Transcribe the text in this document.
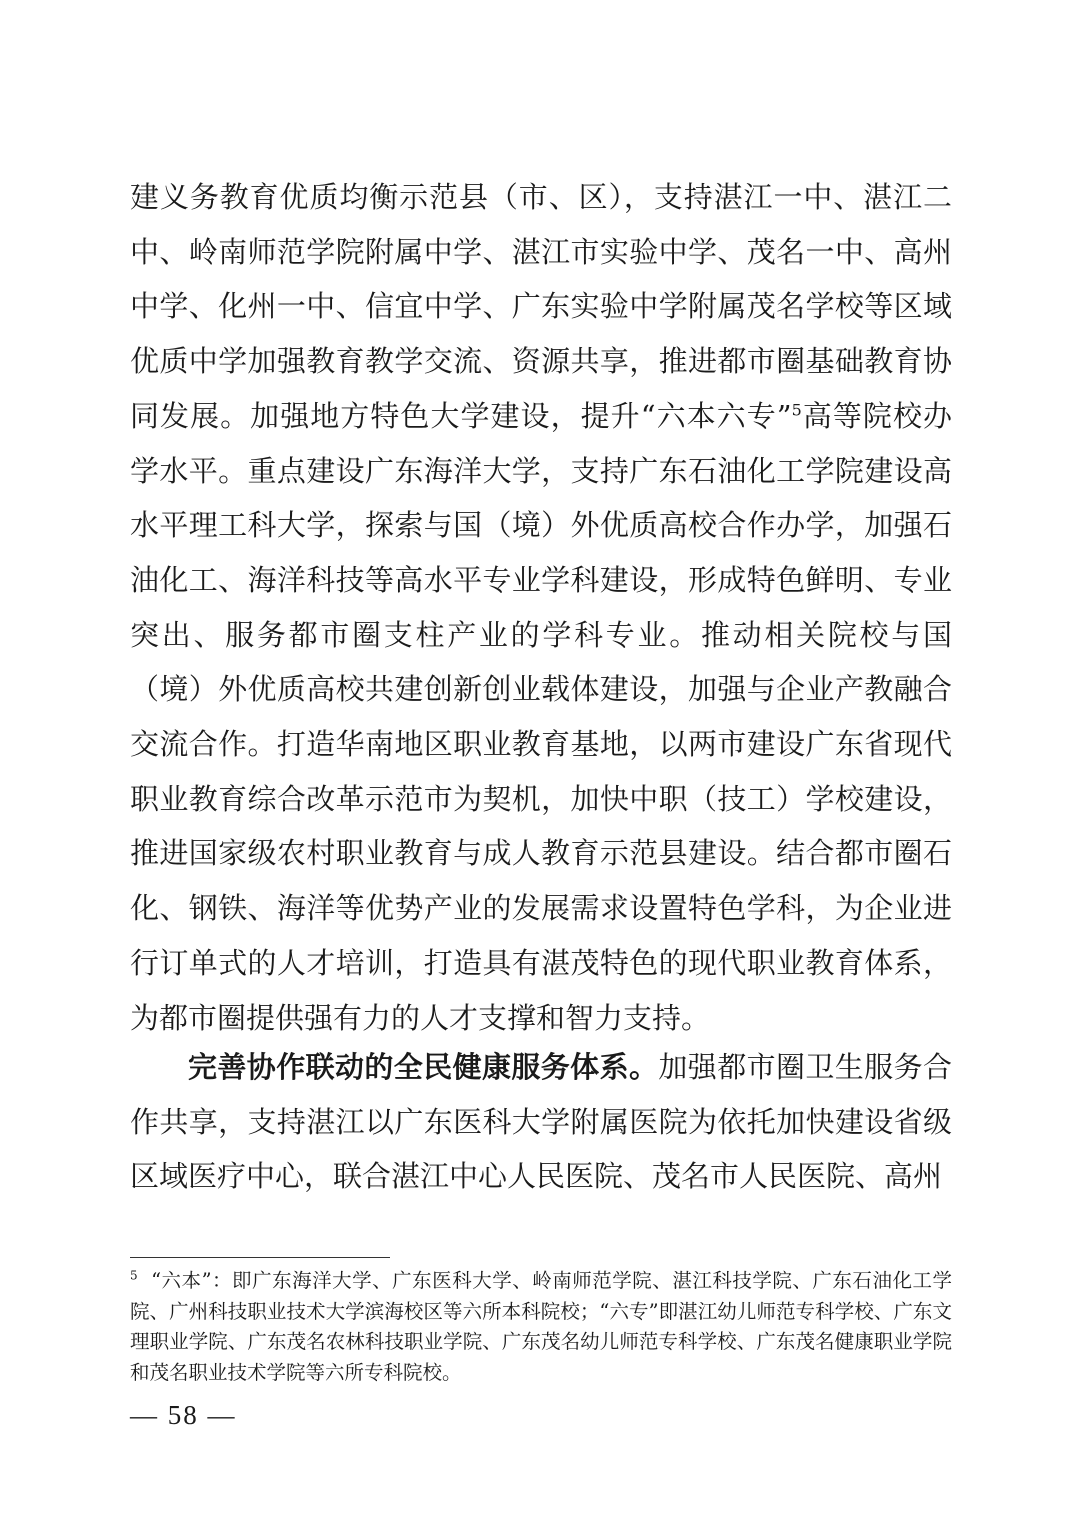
建义务教育优质均衡示范县（市、区），支持湛江一中、湛江二中、岭南师范学院附属中学、湛江市实验中学、茂名一中、高州中学、化州一中、信宜中学、广东实验中学附属茂名学校等区域优质中学加强教育教学交流、资源共享，推进都市圈基础教育协同发展。加强地方特色大学建设，提升“六本六专”$^5$高等院校办学水平。重点建设广东海洋大学，支持广东石油化工学院建设高水平理工科大学，探索与国（境）外优质高校合作办学，加强石油化工、海洋科技等高水平专业学科建设，形成特色鲜明、专业突出、服务都市圈支柱产业的学科专业。推动相关院校与国（境）外优质高校共建创新创业载体建设，加强与企业产教融合交流合作。打造华南地区职业教育基地，以两市建设广东省现代职业教育综合改革示范市为契机，加快中职（技工）学校建设，推进国家级农村职业教育与成人教育示范县建设。结合都市圈石化、钢铁、海洋等优势产业的发展需求设置特色学科，为企业进行订单式的人才培训，打造具有湛茂特色的现代职业教育体系，为都市圈提供强有力的人才支撑和智力支持。

完善协作联动的全民健康服务体系。加强都市圈卫生服务合作共享，支持湛江以广东医科大学附属医院为依托加快建设省级区域医疗中心，联合湛江中心人民医院、茂名市人民医院、高州

$^5$ “六本”：即广东海洋大学、广东医科大学、岭南师范学院、湛江科技学院、广东石油化工学院、广州科技职业技术大学滨海校区等六所本科院校；“六专”即湛江幼儿师范专科学校、广东文理职业学院、广东茂名农林科技职业学院、广东茂名幼儿师范专科学校、广东茂名健康职业学院和茂名职业技术学院等六所专科院校。

— 58 —
